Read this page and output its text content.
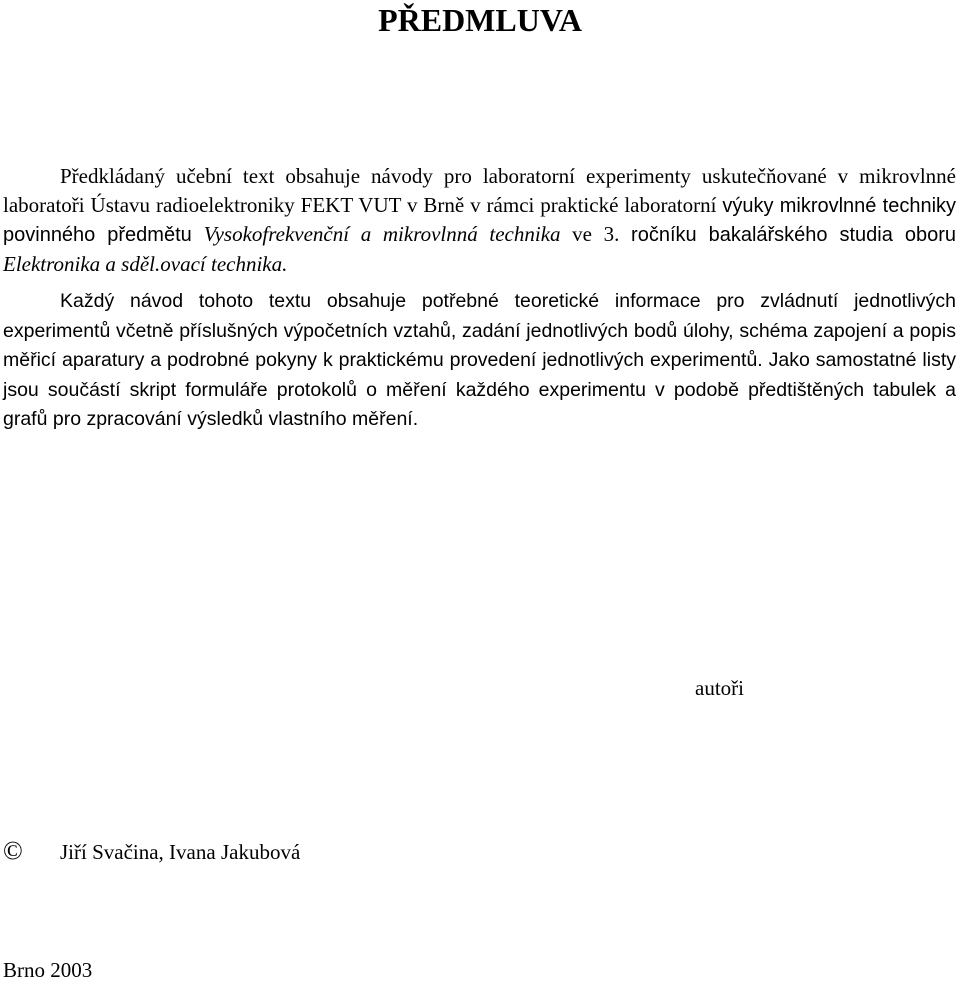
PŘEDMLUVA

Předkládaný učební text obsahuje návody pro laboratorní experimenty uskutečňované v mikrovlnné laboratoři Ústavu radioelektroniky FEKT VUT v Brně v rámci praktické laboratorní výuky mikrovlnné techniky povinného předmětu Vysokofrekvenční a mikrovlnná technika ve 3. ročníku bakalářského studia oboru Elektronika a sděl.ovací technika.

Každý návod tohoto textu obsahuje potřebné teoretické informace pro zvládnutí jednotlivých experimentů včetně příslušných výpočetních vztahů, zadání jednotlivých bodů úlohy, schéma zapojení a popis měřicí aparatury a podrobné pokyny k praktickému provedení jednotlivých experimentů. Jako samostatné listy jsou součástí skript formuláře protokolů o měření každého experimentu v podobě předtištěných tabulek a grafů pro zpracování výsledků vlastního měření.

autoři
© Jiří Svačina, Ivana Jakubová
Brno 2003
